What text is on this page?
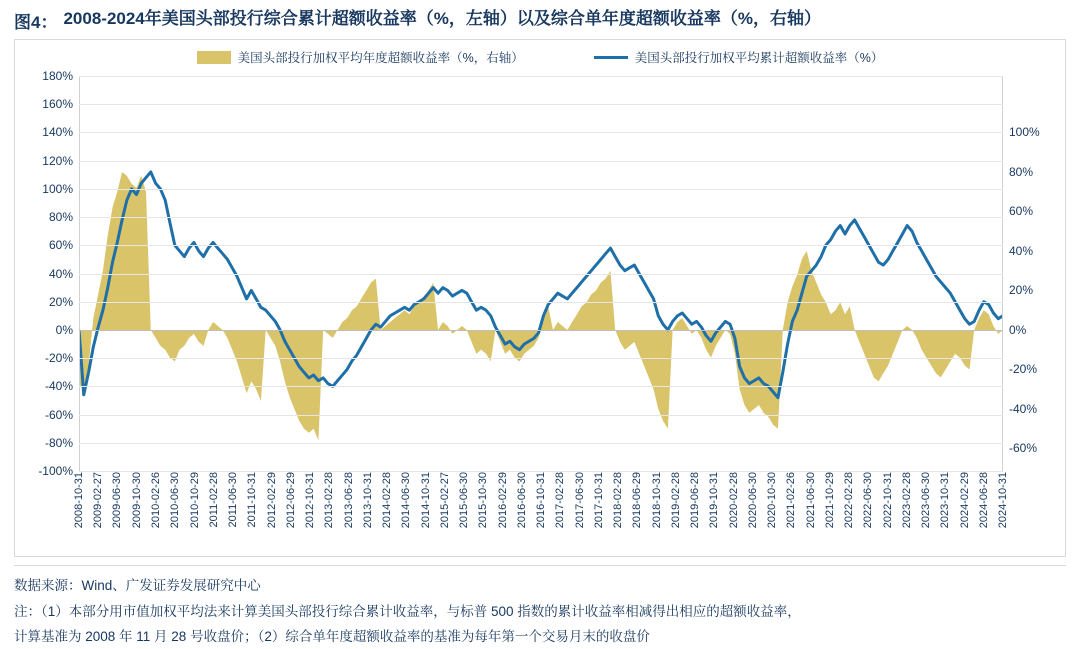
图4： 2008-2024年美国头部投行综合累计超额收益率（%，左轴）以及综合单年度超额收益率（%，右轴）
美国头部投行加权平均年度超额收益率（%，右轴）	美国头部投行加权平均累计超额收益率（%）
-100%
-80%
-60%
-40%
-20%
0%
20%
40%
60%
80%
100%
120%
140%
160%
180%
-60%
-40%
-20%
0%
20%
40%
60%
80%
100%
2008-10-31 2009-02-27 2009-06-30 2009-10-30 2010-02-26 2010-06-30 2010-10-29 2011-02-28 2011-06-30 2011-10-31 2012-02-29 2012-06-29 2012-10-31 2013-02-28 2013-06-28 2013-10-31 2014-02-28 2014-06-30 2014-10-31 2015-02-27 2015-06-30 2015-10-30 2016-02-29 2016-06-30 2016-10-31 2017-02-28 2017-06-30 2017-10-31 2018-02-28 2018-06-29 2018-10-31 2019-02-28 2019-06-28 2019-10-31 2020-02-28 2020-06-30 2020-10-30 2021-02-26 2021-06-30 2021-10-29 2022-02-28 2022-06-30 2022-10-31 2023-02-28 2023-06-30 2023-10-31 2024-02-29 2024-06-28 2024-10-31
数据来源：Wind、广发证券发展研究中心
注：（1）本部分用市值加权平均法来计算美国头部投行综合累计收益率，与标普 500 指数的累计收益率相减得出相应的超额收益率，
计算基准为 2008 年 11 月 28 号收盘价；（2）综合单年度超额收益率的基准为每年第一个交易月末的收盘价
